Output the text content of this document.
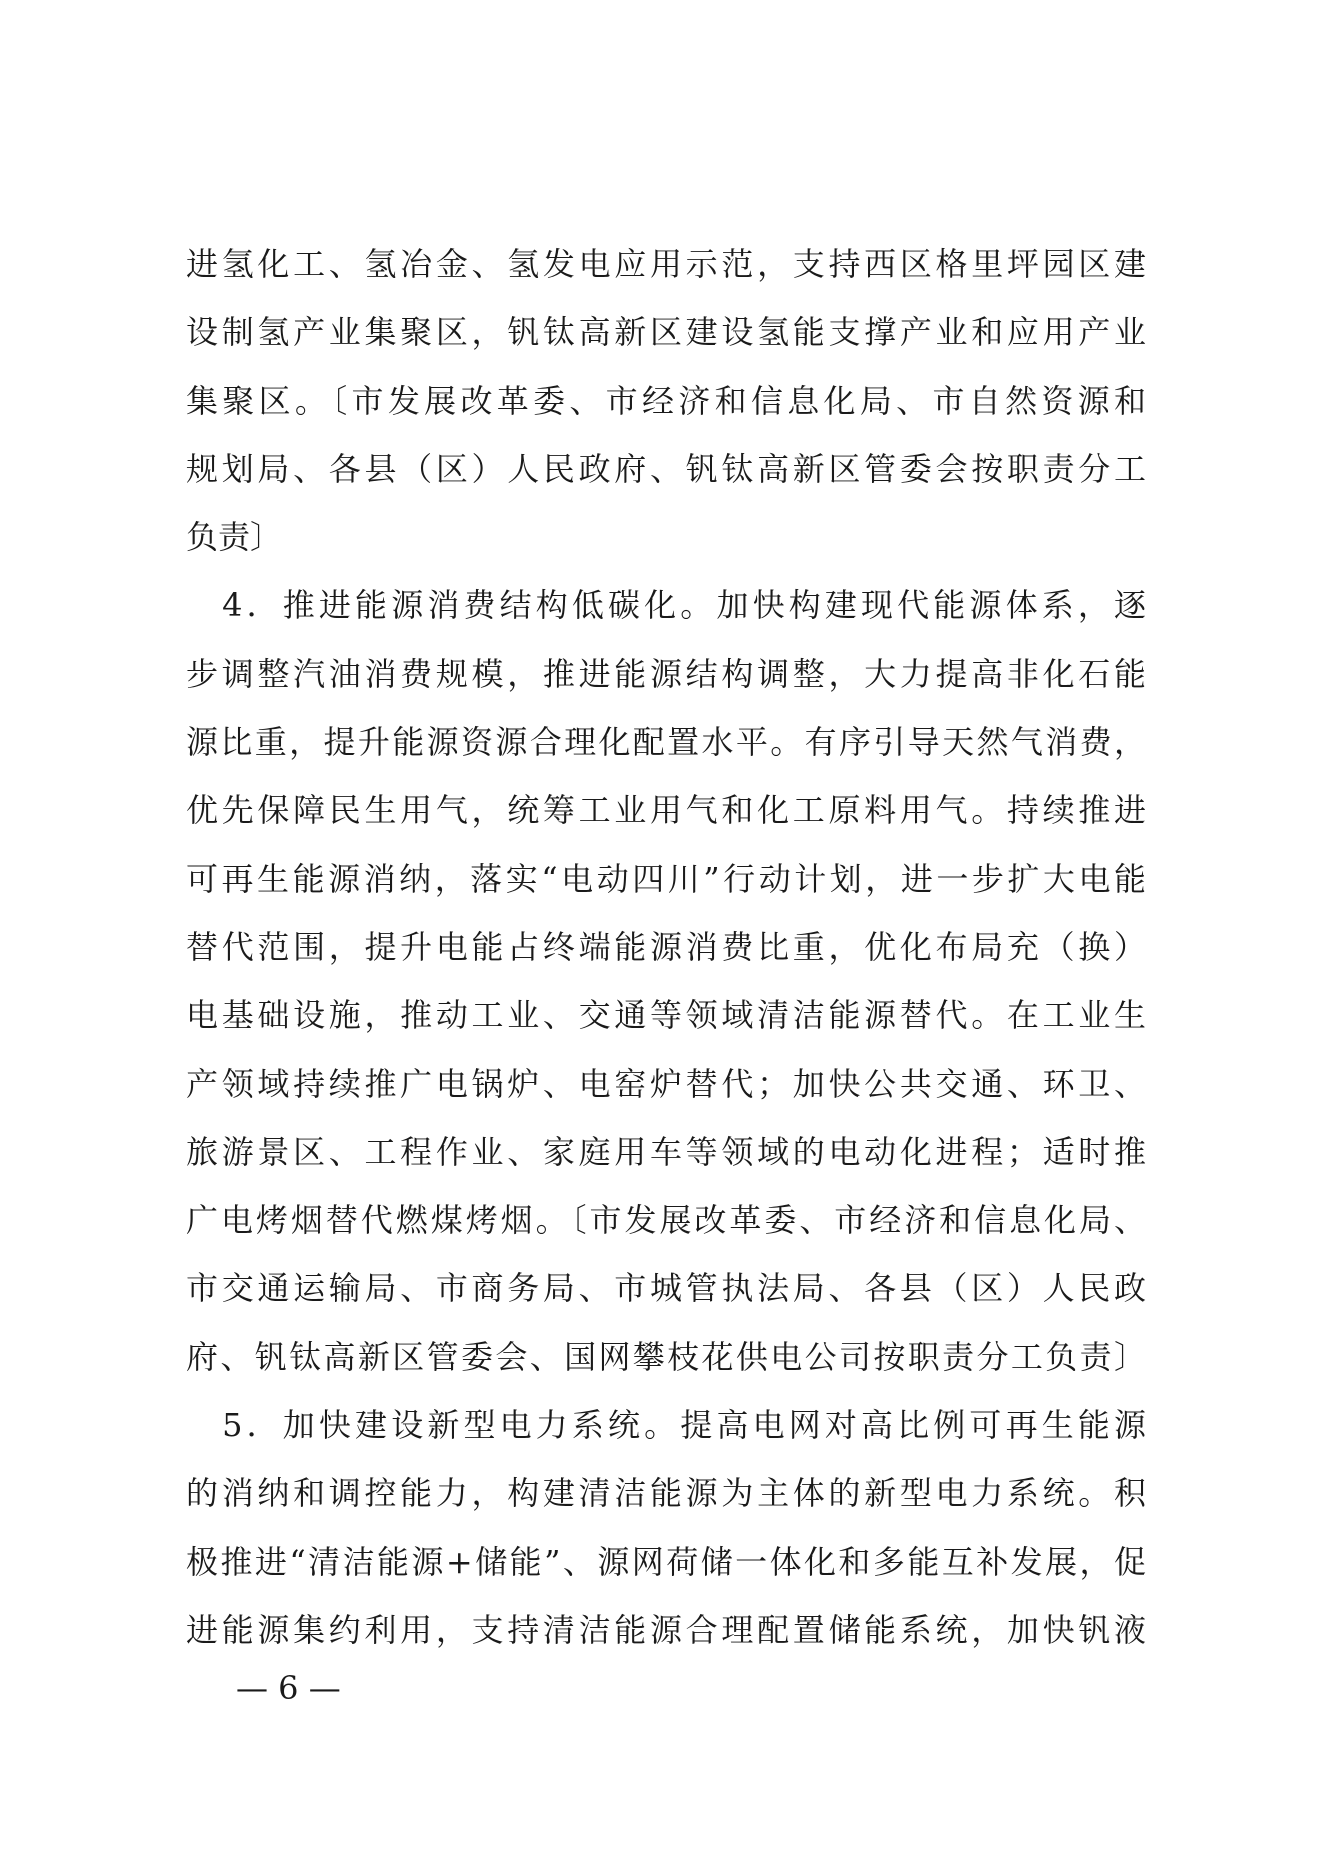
进氢化工、氢冶金、氢发电应用示范，支持西区格里坪园区建
设制氢产业集聚区，钒钛高新区建设氢能支撑产业和应用产业
集聚区。〔市发展改革委、市经济和信息化局、市自然资源和
规划局、各县（区）人民政府、钒钛高新区管委会按职责分工
负责〕
　4．推进能源消费结构低碳化。加快构建现代能源体系，逐
步调整汽油消费规模，推进能源结构调整，大力提高非化石能
源比重，提升能源资源合理化配置水平。有序引导天然气消费，
优先保障民生用气，统筹工业用气和化工原料用气。持续推进
可再生能源消纳，落实“电动四川”行动计划，进一步扩大电能
替代范围，提升电能占终端能源消费比重，优化布局充（换）
电基础设施，推动工业、交通等领域清洁能源替代。在工业生
产领域持续推广电锅炉、电窑炉替代；加快公共交通、环卫、
旅游景区、工程作业、家庭用车等领域的电动化进程；适时推
广电烤烟替代燃煤烤烟。〔市发展改革委、市经济和信息化局、
市交通运输局、市商务局、市城管执法局、各县（区）人民政
府、钒钛高新区管委会、国网攀枝花供电公司按职责分工负责〕
　5．加快建设新型电力系统。提高电网对高比例可再生能源
的消纳和调控能力，构建清洁能源为主体的新型电力系统。积
极推进“清洁能源+储能”、源网荷储一体化和多能互补发展，促
进能源集约利用，支持清洁能源合理配置储能系统，加快钒液
— 6 —
